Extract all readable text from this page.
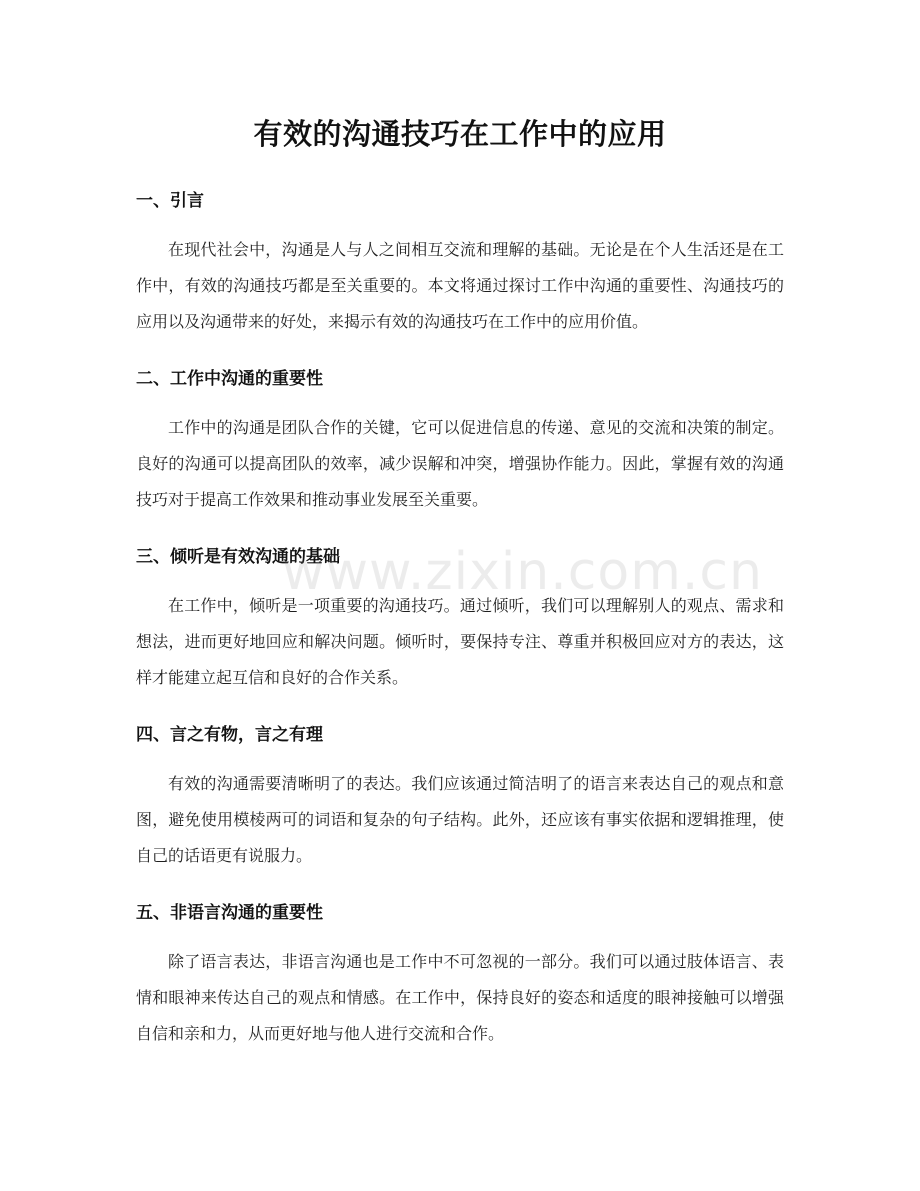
有效的沟通技巧在工作中的应用
一、引言

在现代社会中，沟通是人与人之间相互交流和理解的基础。无论是在个人生活还是在工作中，有效的沟通技巧都是至关重要的。本文将通过探讨工作中沟通的重要性、沟通技巧的应用以及沟通带来的好处，来揭示有效的沟通技巧在工作中的应用价值。

二、工作中沟通的重要性

工作中的沟通是团队合作的关键，它可以促进信息的传递、意见的交流和决策的制定。良好的沟通可以提高团队的效率，减少误解和冲突，增强协作能力。因此，掌握有效的沟通技巧对于提高工作效果和推动事业发展至关重要。

三、倾听是有效沟通的基础

在工作中，倾听是一项重要的沟通技巧。通过倾听，我们可以理解别人的观点、需求和想法，进而更好地回应和解决问题。倾听时，要保持专注、尊重并积极回应对方的表达，这样才能建立起互信和良好的合作关系。

四、言之有物，言之有理

有效的沟通需要清晰明了的表达。我们应该通过简洁明了的语言来表达自己的观点和意图，避免使用模棱两可的词语和复杂的句子结构。此外，还应该有事实依据和逻辑推理，使自己的话语更有说服力。

五、非语言沟通的重要性

除了语言表达，非语言沟通也是工作中不可忽视的一部分。我们可以通过肢体语言、表情和眼神来传达自己的观点和情感。在工作中，保持良好的姿态和适度的眼神接触可以增强自信和亲和力，从而更好地与他人进行交流和合作。

www.zixin.com.cn
